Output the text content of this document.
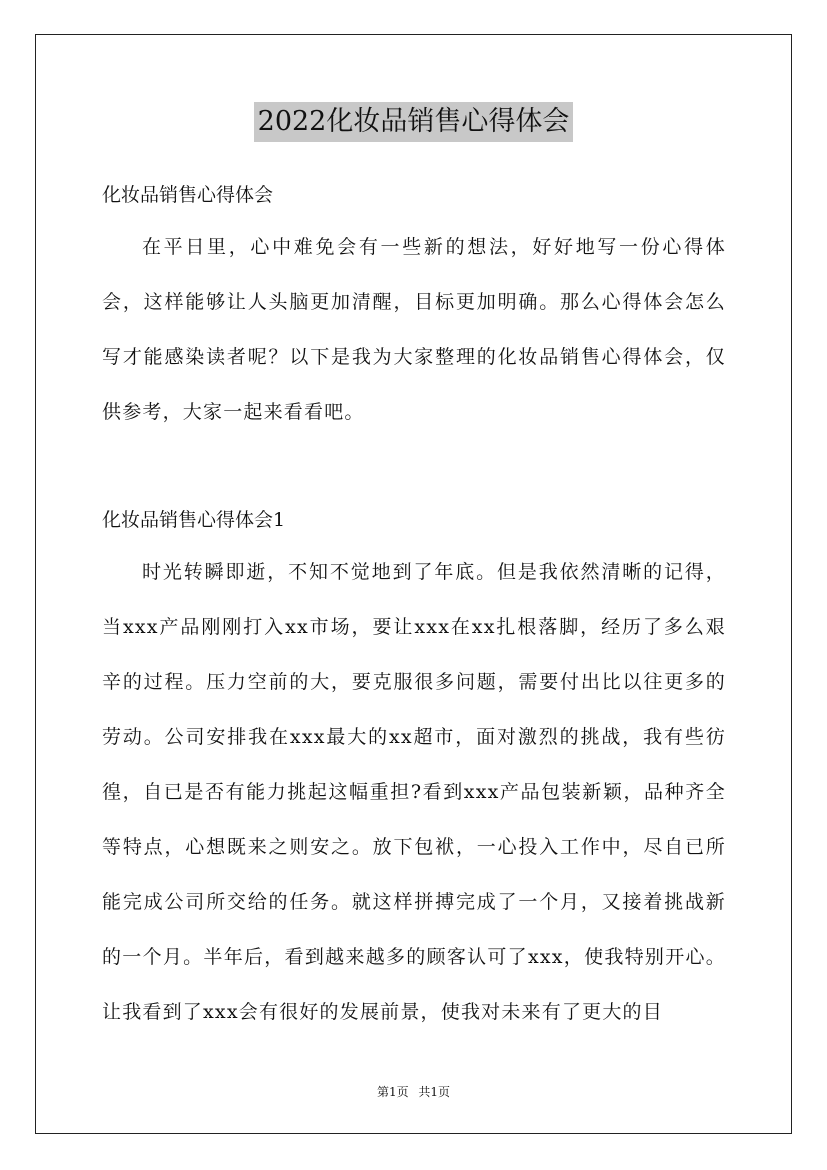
2022化妆品销售心得体会
化妆品销售心得体会
在平日里，心中难免会有一些新的想法，好好地写一份心得体会，这样能够让人头脑更加清醒，目标更加明确。那么心得体会怎么写才能感染读者呢？以下是我为大家整理的化妆品销售心得体会，仅供参考，大家一起来看看吧。
化妆品销售心得体会1
时光转瞬即逝，不知不觉地到了年底。但是我依然清晰的记得，当xxx产品刚刚打入xx市场，要让xxx在xx扎根落脚，经历了多么艰辛的过程。压力空前的大，要克服很多问题，需要付出比以往更多的劳动。公司安排我在xxx最大的xx超市，面对激烈的挑战，我有些彷徨，自已是否有能力挑起这幅重担?看到xxx产品包装新颖，品种齐全等特点，心想既来之则安之。放下包袱，一心投入工作中，尽自已所能完成公司所交给的任务。就这样拼搏完成了一个月，又接着挑战新的一个月。半年后，看到越来越多的顾客认可了xxx，使我特别开心。让我看到了xxx会有很好的发展前景，使我对未来有了更大的目
第1页 共1页
